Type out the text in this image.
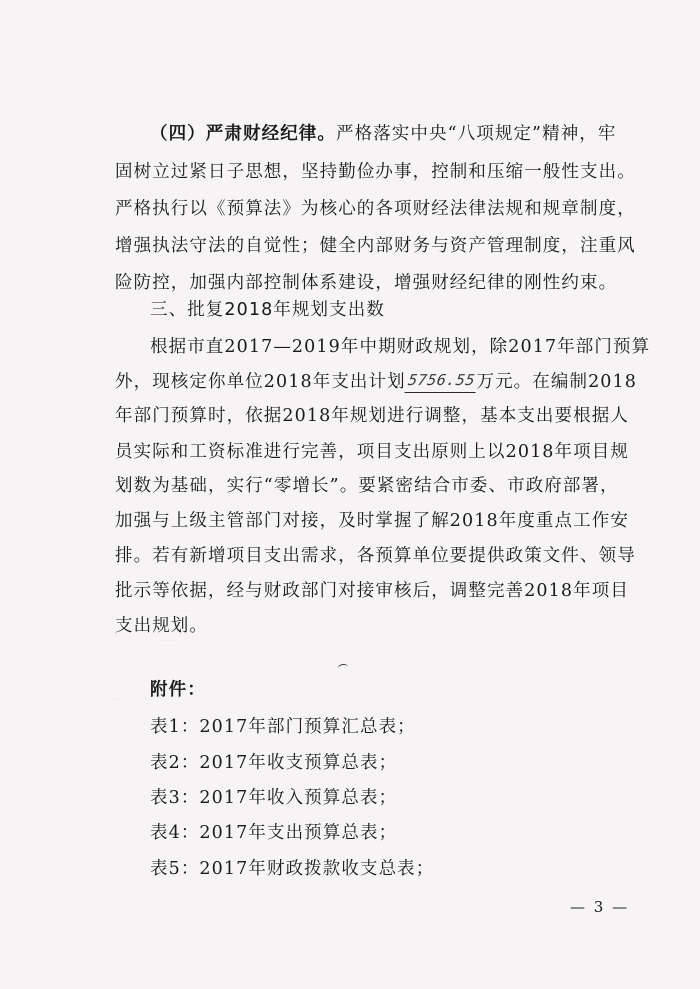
一
一
一
（四）严肃财经纪律。严格落实中央“八项规定”精神，牢
固树立过紧日子思想，坚持勤俭办事，控制和压缩一般性支出。
严格执行以《预算法》为核心的各项财经法律法规和规章制度，
增强执法守法的自觉性；健全内部财务与资产管理制度，注重风
险防控，加强内部控制体系建设，增强财经纪律的刚性约束。
三、批复2018年规划支出数
根据市直2017—2019年中期财政规划，除2017年部门预算
外，现核定你单位2018年支出计划5756.55万元。在编制2018
年部门预算时，依据2018年规划进行调整，基本支出要根据人
员实际和工资标准进行完善，项目支出原则上以2018年项目规
划数为基础，实行“零增长”。要紧密结合市委、市政府部署，
加强与上级主管部门对接，及时掌握了解2018年度重点工作安
排。若有新增项目支出需求，各预算单位要提供政策文件、领导
批示等依据，经与财政部门对接审核后，调整完善2018年项目
支出规划。
附件：
表1：2017年部门预算汇总表；
表2：2017年收支预算总表；
表3：2017年收入预算总表；
表4：2017年支出预算总表；
表5：2017年财政拨款收支总表；
— 3 —
